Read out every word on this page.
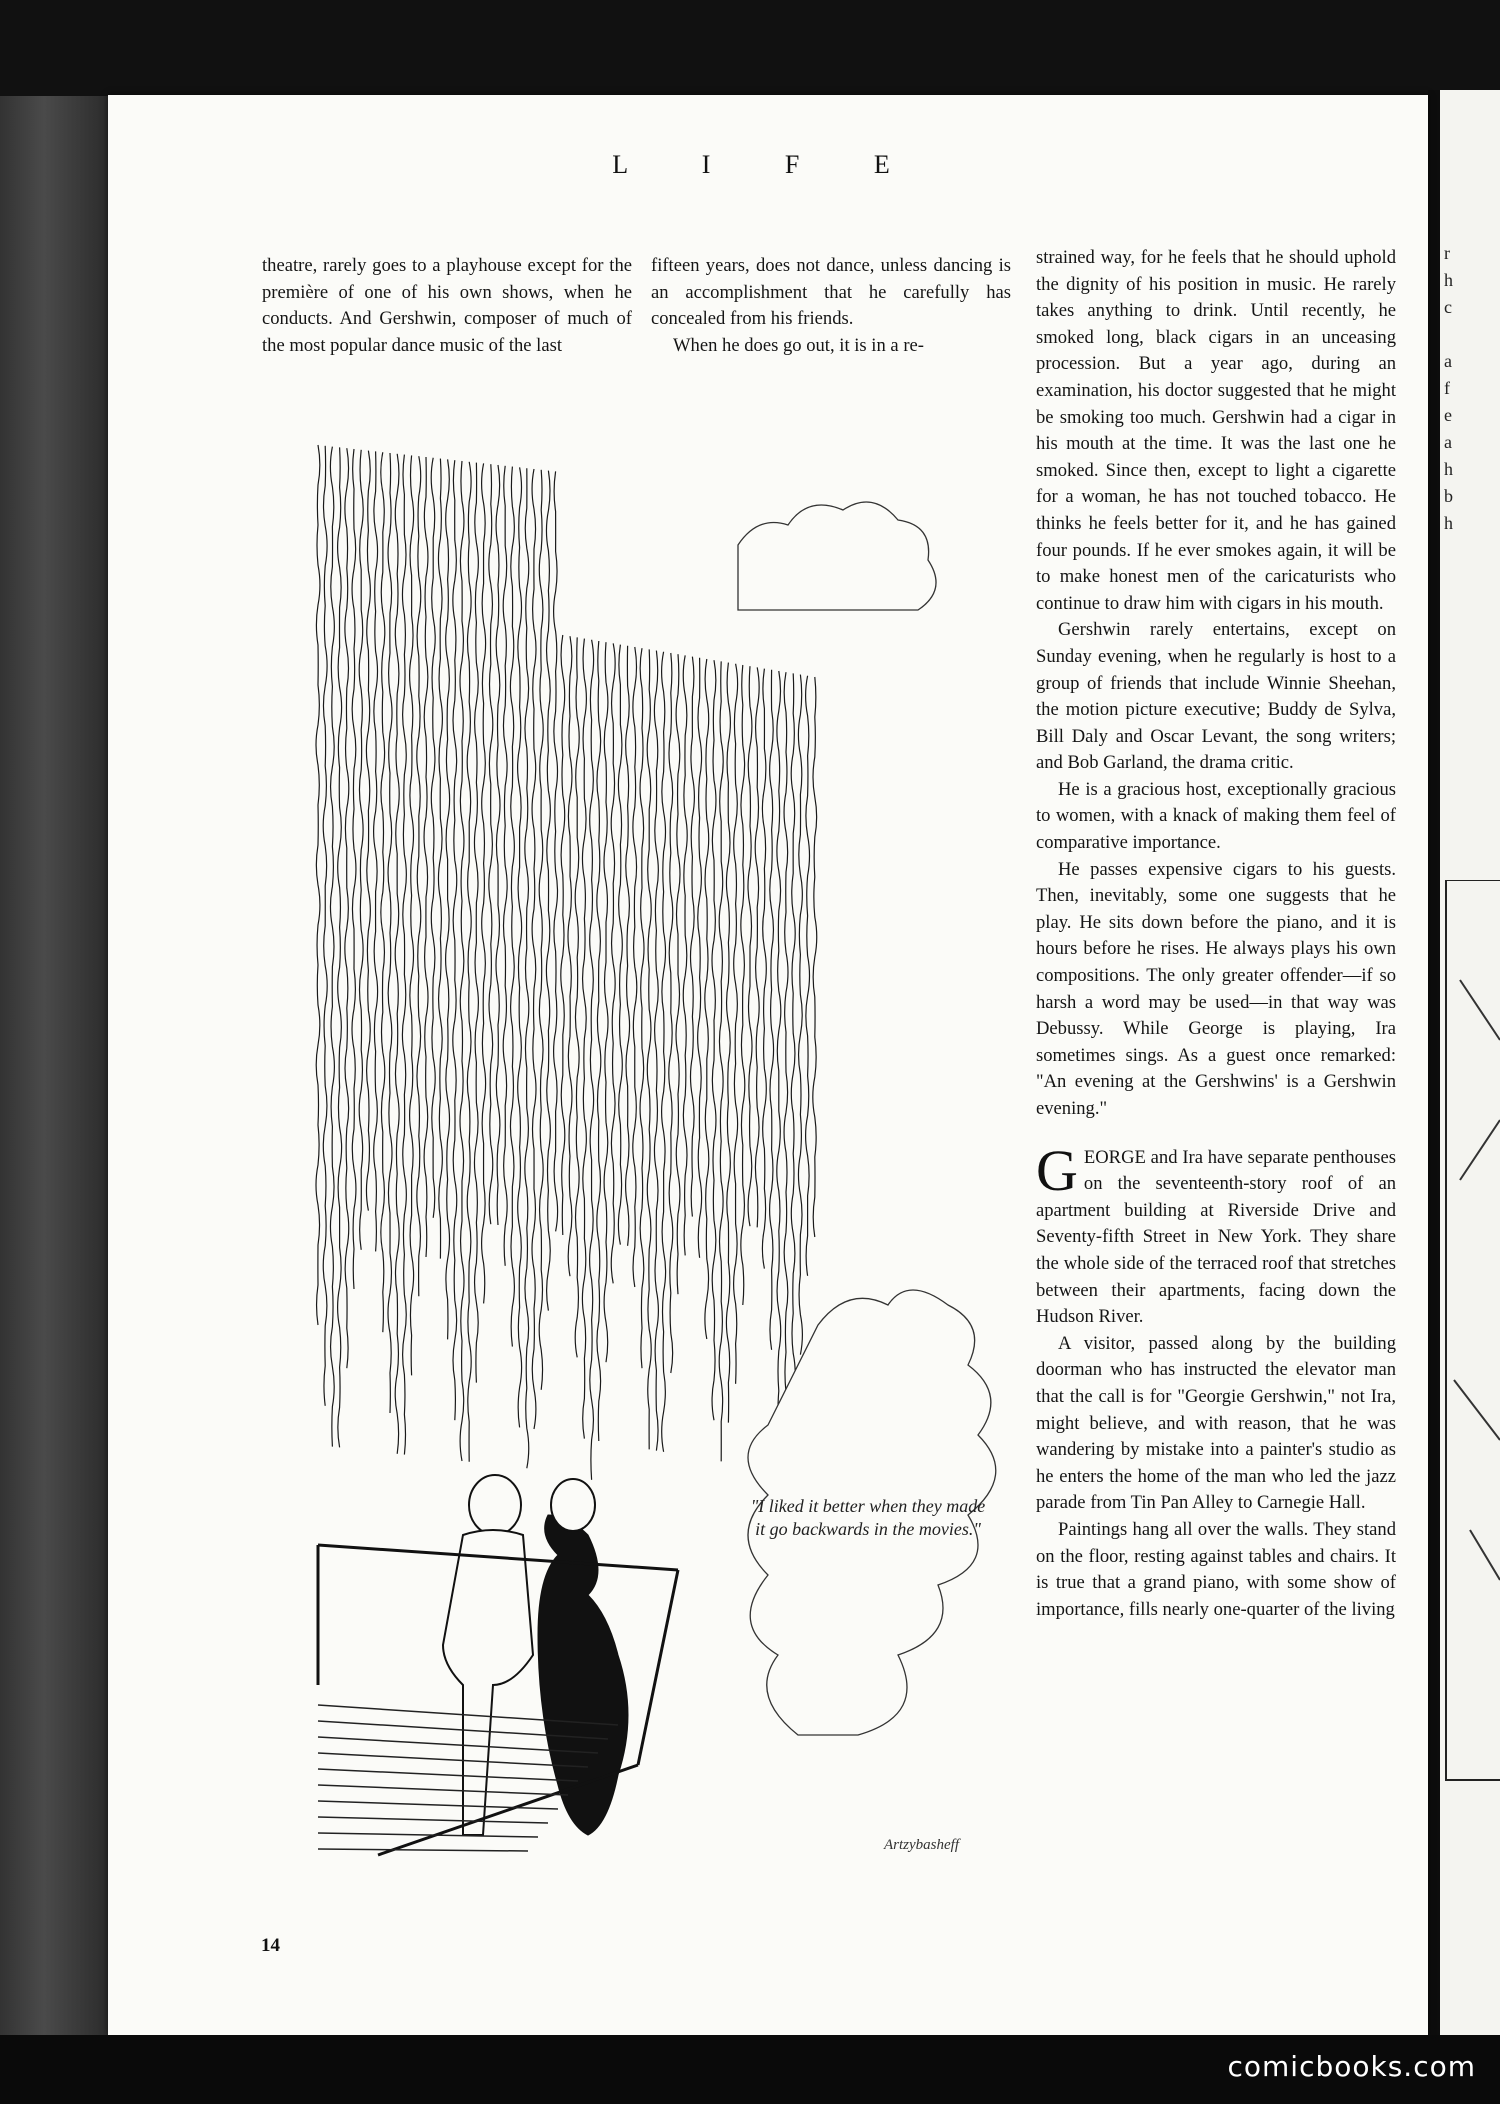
r
h
c
a
f
e
a
h
b
h
L I F E

theatre, rarely goes to a playhouse except for the première of one of his own shows, when he conducts. And Gershwin, composer of much of the most popular dance music of the last

fifteen years, does not dance, unless dancing is an accomplishment that he carefully has concealed from his friends.

When he does go out, it is in a re-

strained way, for he feels that he should uphold the dignity of his position in music. He rarely takes anything to drink. Until recently, he smoked long, black cigars in an unceasing procession. But a year ago, during an examination, his doctor suggested that he might be smoking too much. Gershwin had a cigar in his mouth at the time. It was the last one he smoked. Since then, except to light a cigarette for a woman, he has not touched tobacco. He thinks he feels better for it, and he has gained four pounds. If he ever smokes again, it will be to make honest men of the caricaturists who continue to draw him with cigars in his mouth.

Gershwin rarely entertains, except on Sunday evening, when he regularly is host to a group of friends that include Winnie Sheehan, the motion picture executive; Buddy de Sylva, Bill Daly and Oscar Levant, the song writers; and Bob Garland, the drama critic.

He is a gracious host, exceptionally gracious to women, with a knack of making them feel of comparative importance.

He passes expensive cigars to his guests. Then, inevitably, some one suggests that he play. He sits down before the piano, and it is hours before he rises. He always plays his own compositions. The only greater offender—if so harsh a word may be used—in that way was Debussy. While George is playing, Ira sometimes sings. As a guest once remarked: "An evening at the Gershwins' is a Gershwin evening."

GEORGE and Ira have separate penthouses on the seventeenth-story roof of an apartment building at Riverside Drive and Seventy-fifth Street in New York. They share the whole side of the terraced roof that stretches between their apartments, facing down the Hudson River.

A visitor, passed along by the building doorman who has instructed the elevator man that the call is for "Georgie Gershwin," not Ira, might believe, and with reason, that he was wandering by mistake into a painter's studio as he enters the home of the man who led the jazz parade from Tin Pan Alley to Carnegie Hall.

Paintings hang all over the walls. They stand on the floor, resting against tables and chairs. It is true that a grand piano, with some show of importance, fills nearly one-quarter of the living

"I liked it better when they made it go backwards in the movies."
Artzybasheff
14
comicbooks.com
